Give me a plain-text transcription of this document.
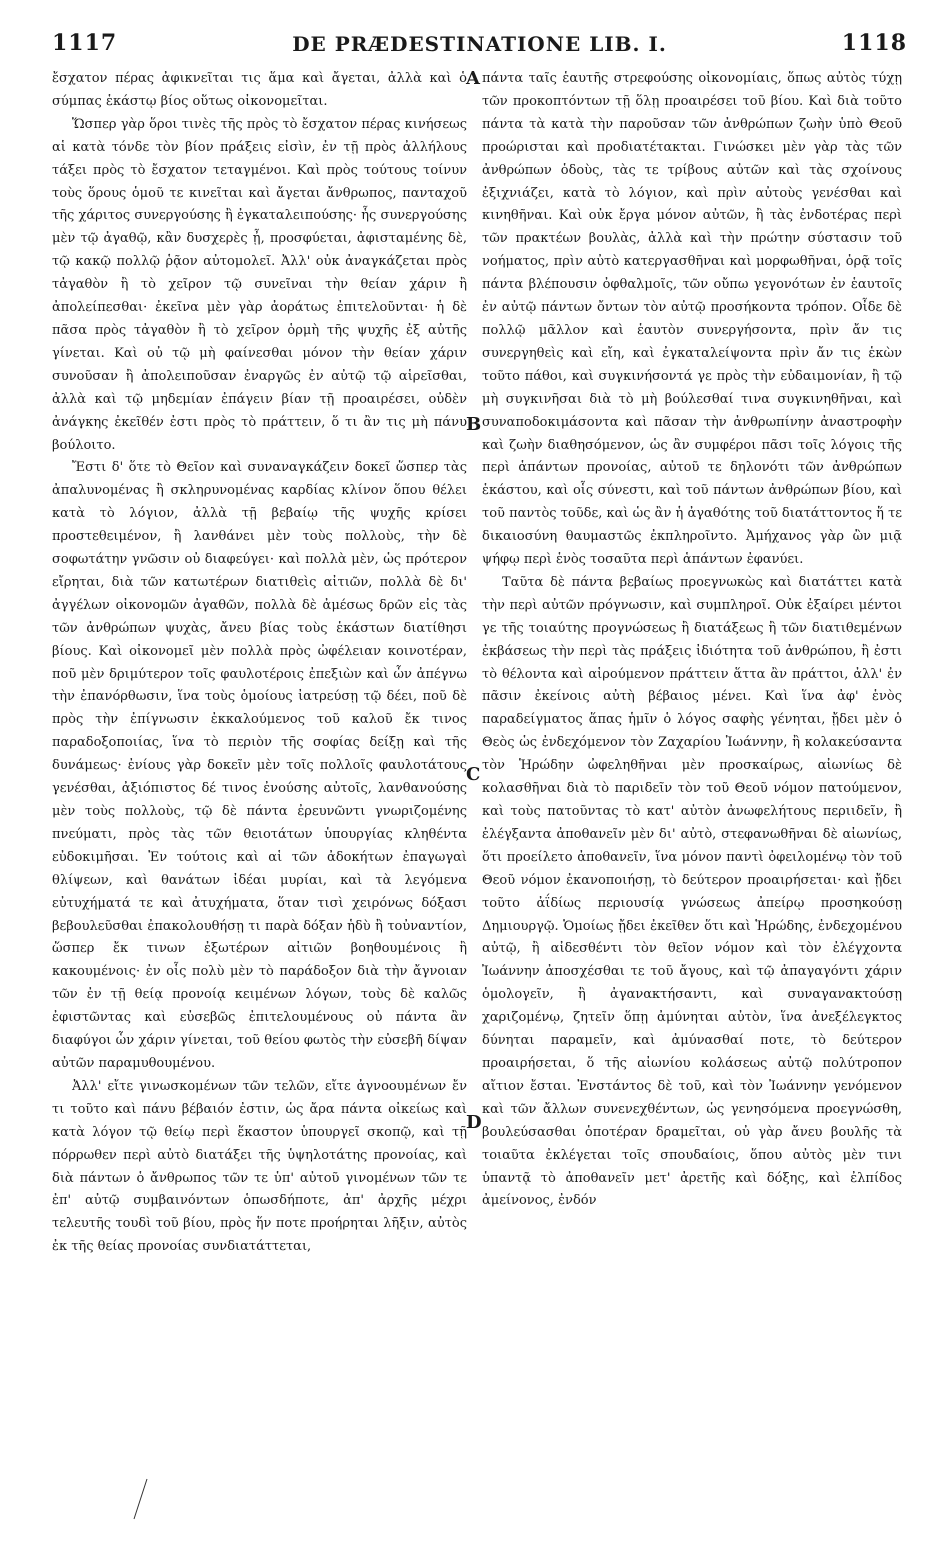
1117	DE PRÆDESTINATIONE LIB. I.	1118

ἔσχατον πέρας ἀφικνεῖται τις ἅμα καὶ ἄγεται, ἀλλὰ καὶ ὁ σύμπας ἑκάστῳ βίος οὕτως οἰκονομεῖται.

Ὥσπερ γὰρ ὅροι τινὲς τῆς πρὸς τὸ ἔσχατον πέρας κινήσεως αἱ κατὰ τόνδε τὸν βίον πράξεις εἰσὶν, ἐν τῇ πρὸς ἀλλήλους τάξει πρὸς τὸ ἔσχατον τεταγμένοι. Καὶ πρὸς τούτους τοίνυν τοὺς ὅρους ὁμοῦ τε κινεῖται καὶ ἄγεται ἄνθρωπος, πανταχοῦ τῆς χάριτος συνεργούσης ἢ ἐγκαταλειπούσης· ἧς συνεργούσης μὲν τῷ ἀγαθῷ, κἂν δυσχερὲς ᾖ, προσφύεται, ἀφισταμένης δὲ, τῷ κακῷ πολλῷ ῥᾷον αὐτομολεῖ. Ἀλλ' οὐκ ἀναγκάζεται πρὸς τἀγαθὸν ἢ τὸ χεῖρον τῷ συνεῖναι τὴν θείαν χάριν ἢ ἀπολείπεσθαι· ἐκεῖνα μὲν γὰρ ἀοράτως ἐπιτελοῦνται· ἡ δὲ πᾶσα πρὸς τἀγαθὸν ἢ τὸ χεῖρον ὁρμὴ τῆς ψυχῆς ἐξ αὐτῆς γίνεται. Καὶ οὐ τῷ μὴ φαίνεσθαι μόνον τὴν θείαν χάριν συνοῦσαν ἢ ἀπολειποῦσαν ἐναργῶς ἐν αὐτῷ τῷ αἱρεῖσθαι, ἀλλὰ καὶ τῷ μηδεμίαν ἐπάγειν βίαν τῇ προαιρέσει, οὐδὲν ἀνάγκης ἐκεῖθέν ἐστι πρὸς τὸ πράττειν, ὅ τι ἂν τις μὴ πάνυ βούλοιτο.

Ἔστι δ' ὅτε τὸ Θεῖον καὶ συναναγκάζειν δοκεῖ ὥσπερ τὰς ἀπαλυνομένας ἢ σκληρυνομένας καρδίας κλίνον ὅπου θέλει κατὰ τὸ λόγιον, ἀλλὰ τῇ βεβαίῳ τῆς ψυχῆς κρίσει προστεθειμένον, ἢ λανθάνει μὲν τοὺς πολλοὺς, τὴν δὲ σοφωτάτην γνῶσιν οὐ διαφεύγει· καὶ πολλὰ μὲν, ὡς πρότερον εἴρηται, διὰ τῶν κατωτέρων διατιθεὶς αἰτιῶν, πολλὰ δὲ δι' ἀγγέλων οἰκονομῶν ἀγαθῶν, πολλὰ δὲ ἀμέσως δρῶν εἰς τὰς τῶν ἀνθρώπων ψυχὰς, ἄνευ βίας τοὺς ἑκάστων διατίθησι βίους. Καὶ οἰκονομεῖ μὲν πολλὰ πρὸς ὠφέλειαν κοινοτέραν, ποῦ μὲν δριμύτερον τοῖς φαυλοτέροις ἐπεξιὼν καὶ ὧν ἀπέγνω τὴν ἐπανόρθωσιν, ἵνα τοὺς ὁμοίους ἰατρεύσῃ τῷ δέει, ποῦ δὲ πρὸς τὴν ἐπίγνωσιν ἐκκαλούμενος τοῦ καλοῦ ἔκ τινος παραδοξοποιίας, ἵνα τὸ περιὸν τῆς σοφίας δείξῃ καὶ τῆς δυνάμεως· ἐνίους γὰρ δοκεῖν μὲν τοῖς πολλοῖς φαυλοτάτους γενέσθαι, ἀξιόπιστος δέ τινος ἐνούσης αὐτοῖς, λανθανούσης μὲν τοὺς πολλοὺς, τῷ δὲ πάντα ἐρευνῶντι γνωριζομένης πνεύματι, πρὸς τὰς τῶν θειοτάτων ὑπουργίας κληθέντα εὐδοκιμῆσαι. Ἐν τούτοις καὶ αἱ τῶν ἀδοκήτων ἐπαγωγαὶ θλίψεων, καὶ θανάτων ἰδέαι μυρίαι, καὶ τὰ λεγόμενα εὐτυχήματά τε καὶ ἀτυχήματα, ὅταν τισὶ χειρόνως δόξασι βεβουλεῦσθαι ἐπακολουθήσῃ τι παρὰ δόξαν ἡδὺ ἢ τοὐναντίον, ὥσπερ ἔκ τινων ἐξωτέρων αἰτιῶν βοηθουμένοις ἢ κακουμένοις· ἐν οἷς πολὺ μὲν τὸ παράδοξον διὰ τὴν ἄγνοιαν τῶν ἐν τῇ θείᾳ προνοίᾳ κειμένων λόγων, τοὺς δὲ καλῶς ἐφιστῶντας καὶ εὐσεβῶς ἐπιτελουμένους οὐ πάντα ἂν διαφύγοι ὧν χάριν γίνεται, τοῦ θείου φωτὸς τὴν εὐσεβῆ δίψαν αὐτῶν παραμυθουμένου.

Ἀλλ' εἴτε γινωσκομένων τῶν τελῶν, εἴτε ἀγνοουμένων ἔν τι τοῦτο καὶ πάνυ βέβαιόν ἐστιν, ὡς ἄρα πάντα οἰκείως καὶ κατὰ λόγον τῷ θείῳ περὶ ἕκαστον ὑπουργεῖ σκοπῷ, καὶ τῇ πόρρωθεν περὶ αὐτὸ διατάξει τῆς ὑψηλοτάτης προνοίας, καὶ διὰ πάντων ὁ ἄνθρωπος τῶν τε ὑπ' αὐτοῦ γινομένων τῶν τε ἐπ' αὐτῷ συμβαινόντων ὁπωσδήποτε, ἀπ' ἀρχῆς μέχρι τελευτῆς τουδὶ τοῦ βίου, πρὸς ἥν ποτε προήρηται λῆξιν, αὐτὸς ἐκ τῆς θείας προνοίας συνδιατάττεται,

πάντα ταῖς ἑαυτῆς στρεφούσης οἰκονομίαις, ὅπως αὐτὸς τύχῃ τῶν προκοπτόντων τῇ ὅλῃ προαιρέσει τοῦ βίου. Καὶ διὰ τοῦτο πάντα τὰ κατὰ τὴν παροῦσαν τῶν ἀνθρώπων ζωὴν ὑπὸ Θεοῦ προώρισται καὶ προδιατέτακται. Γινώσκει μὲν γὰρ τὰς τῶν ἀνθρώπων ὁδοὺς, τὰς τε τρίβους αὐτῶν καὶ τὰς σχοίνους ἐξιχνιάζει, κατὰ τὸ λόγιον, καὶ πρὶν αὐτοὺς γενέσθαι καὶ κινηθῆναι. Καὶ οὐκ ἔργα μόνον αὐτῶν, ἢ τὰς ἐνδοτέρας περὶ τῶν πρακτέων βουλὰς, ἀλλὰ καὶ τὴν πρώτην σύστασιν τοῦ νοήματος, πρὶν αὐτὸ κατεργασθῆναι καὶ μορφωθῆναι, ὁρᾷ τοῖς πάντα βλέπουσιν ὀφθαλμοῖς, τῶν οὔπω γεγονότων ἐν ἑαυτοῖς ἐν αὐτῷ πάντων ὄντων τὸν αὐτῷ προσήκοντα τρόπον. Οἶδε δὲ πολλῷ μᾶλλον καὶ ἑαυτὸν συνεργήσοντα, πρὶν ἄν τις συνεργηθεὶς καὶ εἴη, καὶ ἐγκαταλείψοντα πρὶν ἄν τις ἑκὼν τοῦτο πάθοι, καὶ συγκινήσοντά γε πρὸς τὴν εὐδαιμονίαν, ἢ τῷ μὴ συγκινῆσαι διὰ τὸ μὴ βούλεσθαί τινα συγκινηθῆναι, καὶ συναποδοκιμάσοντα καὶ πᾶσαν τὴν ἀνθρωπίνην ἀναστροφὴν καὶ ζωὴν διαθησόμενον, ὡς ἂν συμφέροι πᾶσι τοῖς λόγοις τῆς περὶ ἁπάντων προνοίας, αὐτοῦ τε δηλονότι τῶν ἀνθρώπων ἑκάστου, καὶ οἷς σύνεστι, καὶ τοῦ πάντων ἀνθρώπων βίου, καὶ τοῦ παντὸς τοῦδε, καὶ ὡς ἂν ἡ ἀγαθότης τοῦ διατάττοντος ἥ τε δικαιοσύνη θαυμαστῶς ἐκπληροῖντο. Ἀμήχανος γὰρ ὢν μιᾷ ψήφῳ περὶ ἑνὸς τοσαῦτα περὶ ἁπάντων ἐφανύει.

Ταῦτα δὲ πάντα βεβαίως προεγνωκὼς καὶ διατάττει κατὰ τὴν περὶ αὐτῶν πρόγνωσιν, καὶ συμπληροῖ. Οὐκ ἐξαίρει μέντοι γε τῆς τοιαύτης προγνώσεως ἢ διατάξεως ἢ τῶν διατιθεμένων ἐκβάσεως τὴν περὶ τὰς πράξεις ἰδιότητα τοῦ ἀνθρώπου, ἢ ἐστι τὸ θέλοντα καὶ αἱρούμενον πράττειν ἅττα ἂν πράττοι, ἀλλ' ἐν πᾶσιν ἐκείνοις αὐτὴ βέβαιος μένει. Καὶ ἵνα ἀφ' ἑνὸς παραδείγματος ἅπας ἡμῖν ὁ λόγος σαφὴς γένηται, ᾔδει μὲν ὁ Θεὸς ὡς ἐνδεχόμενον τὸν Ζαχαρίου Ἰωάννην, ἢ κολακεύσαντα τὸν Ἡρώδην ὠφεληθῆναι μὲν προσκαίρως, αἰωνίως δὲ κολασθῆναι διὰ τὸ παριδεῖν τὸν τοῦ Θεοῦ νόμον πατούμενον, καὶ τοὺς πατοῦντας τὸ κατ' αὐτὸν ἀνωφελήτους περιιδεῖν, ἢ ἐλέγξαντα ἀποθανεῖν μὲν δι' αὐτὸ, στεφανωθῆναι δὲ αἰωνίως, ὅτι προείλετο ἀποθανεῖν, ἵνα μόνον παντὶ ὀφειλομένῳ τὸν τοῦ Θεοῦ νόμον ἐκανοποιήσῃ, τὸ δεύτερον προαιρήσεται· καὶ ᾔδει τοῦτο ἀΐδίως περιουσίᾳ γνώσεως ἀπείρῳ προσηκούσῃ Δημιουργῷ. Ὁμοίως ᾔδει ἐκεῖθεν ὅτι καὶ Ἡρώδης, ἐνδεχομένου αὐτῷ, ἢ αἰδεσθέντι τὸν θεῖον νόμον καὶ τὸν ἐλέγχοντα Ἰωάννην ἀποσχέσθαι τε τοῦ ἄγους, καὶ τῷ ἀπαγαγόντι χάριν ὁμολογεῖν, ἢ ἀγανακτήσαντι, καὶ συναγανακτούσῃ χαριζομένῳ, ζητεῖν ὅπῃ ἀμύνηται αὐτὸν, ἵνα ἀνεξέλεγκτος δύνηται παραμεῖν, καὶ ἀμύνασθαί ποτε, τὸ δεύτερον προαιρήσεται, ὅ τῆς αἰωνίου κολάσεως αὐτῷ πολύτροπον αἴτιον ἔσται. Ἐνστάντος δὲ τοῦ, καὶ τὸν Ἰωάννην γενόμενον καὶ τῶν ἄλλων συνενεχθέντων, ὡς γενησόμενα προεγνώσθη, βουλεύσασθαι ὁποτέραν δραμεῖται, οὐ γὰρ ἄνευ βουλῆς τὰ τοιαῦτα ἐκλέγεται τοῖς σπουδαίοις, ὅπου αὐτὸς μὲν τινι ὑπαντᾷ τὸ ἀποθανεῖν μετ' ἀρετῆς καὶ δόξης, καὶ ἐλπίδος ἀμείνονος, ἐνδόν

A
B
C
D
